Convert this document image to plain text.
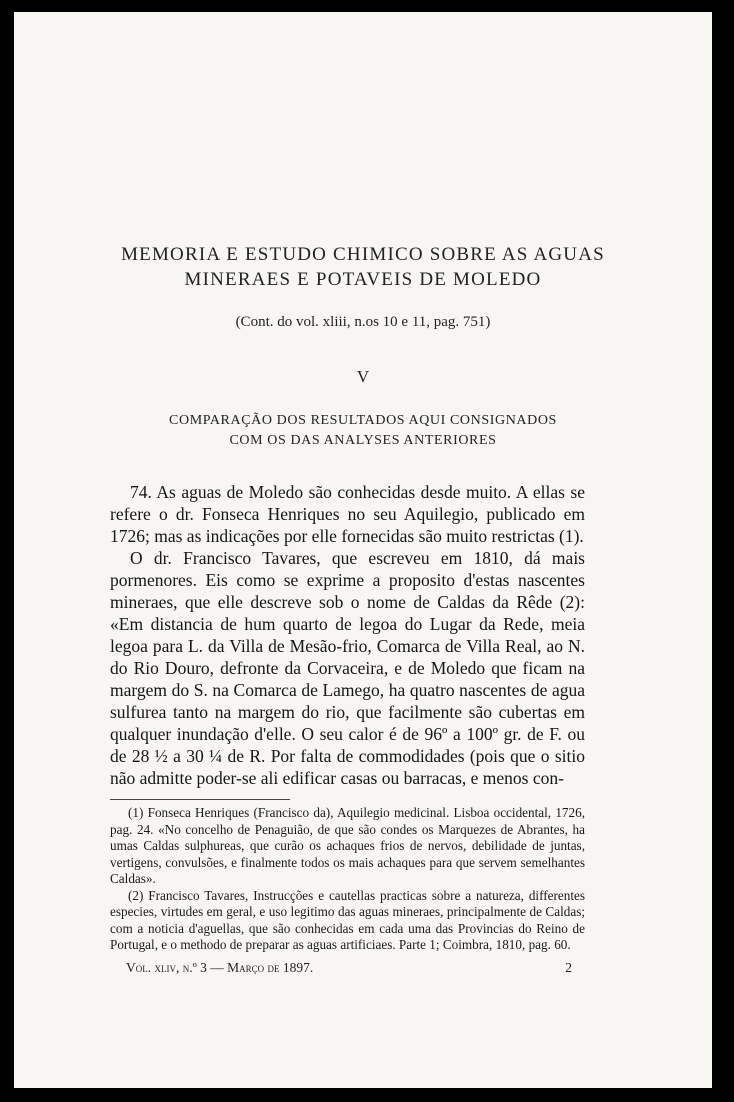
MEMORIA E ESTUDO CHIMICO SOBRE AS AGUAS
MINERAES E POTAVEIS DE MOLEDO
(Cont. do vol. xliii, n.os 10 e 11, pag. 751)
V
COMPARAÇÃO DOS RESULTADOS AQUI CONSIGNADOS
COM OS DAS ANALYSES ANTERIORES

74. As aguas de Moledo são conhecidas desde muito. A ellas se refere o dr. Fonseca Henriques no seu Aquilegio, publicado em 1726; mas as indicações por elle fornecidas são muito restrictas (1).

O dr. Francisco Tavares, que escreveu em 1810, dá mais pormenores. Eis como se exprime a proposito d'estas nascentes mineraes, que elle descreve sob o nome de Caldas da Rêde (2): «Em distancia de hum quarto de legoa do Lugar da Rede, meia legoa para L. da Villa de Mesão-frio, Comarca de Villa Real, ao N. do Rio Douro, defronte da Corvaceira, e de Moledo que ficam na margem do S. na Comarca de Lamego, ha quatro nascentes de agua sulfurea tanto na margem do rio, que facilmente são cubertas em qualquer inundação d'elle. O seu calor é de 96º a 100º gr. de F. ou de 28 ½ a 30 ¼ de R. Por falta de commodidades (pois que o sitio não admitte poder-se ali edificar casas ou barracas, e menos con-

(1) Fonseca Henriques (Francisco da), Aquilegio medicinal. Lisboa occidental, 1726, pag. 24. «No concelho de Penaguião, de que são condes os Marquezes de Abrantes, ha umas Caldas sulphureas, que curão os achaques frios de nervos, debilidade de juntas, vertigens, convulsões, e finalmente todos os mais achaques para que servem semelhantes Caldas».

(2) Francisco Tavares, Instrucções e cautellas practicas sobre a natureza, differentes especies, virtudes em geral, e uso legitimo das aguas mineraes, principalmente de Caldas; com a noticia d'aguellas, que são conhecidas em cada uma das Provincias do Reino de Portugal, e o methodo de preparar as aguas artificiaes. Parte 1; Coimbra, 1810, pag. 60.

Vol. xliv, n.º 3 — Março de 1897.	2
